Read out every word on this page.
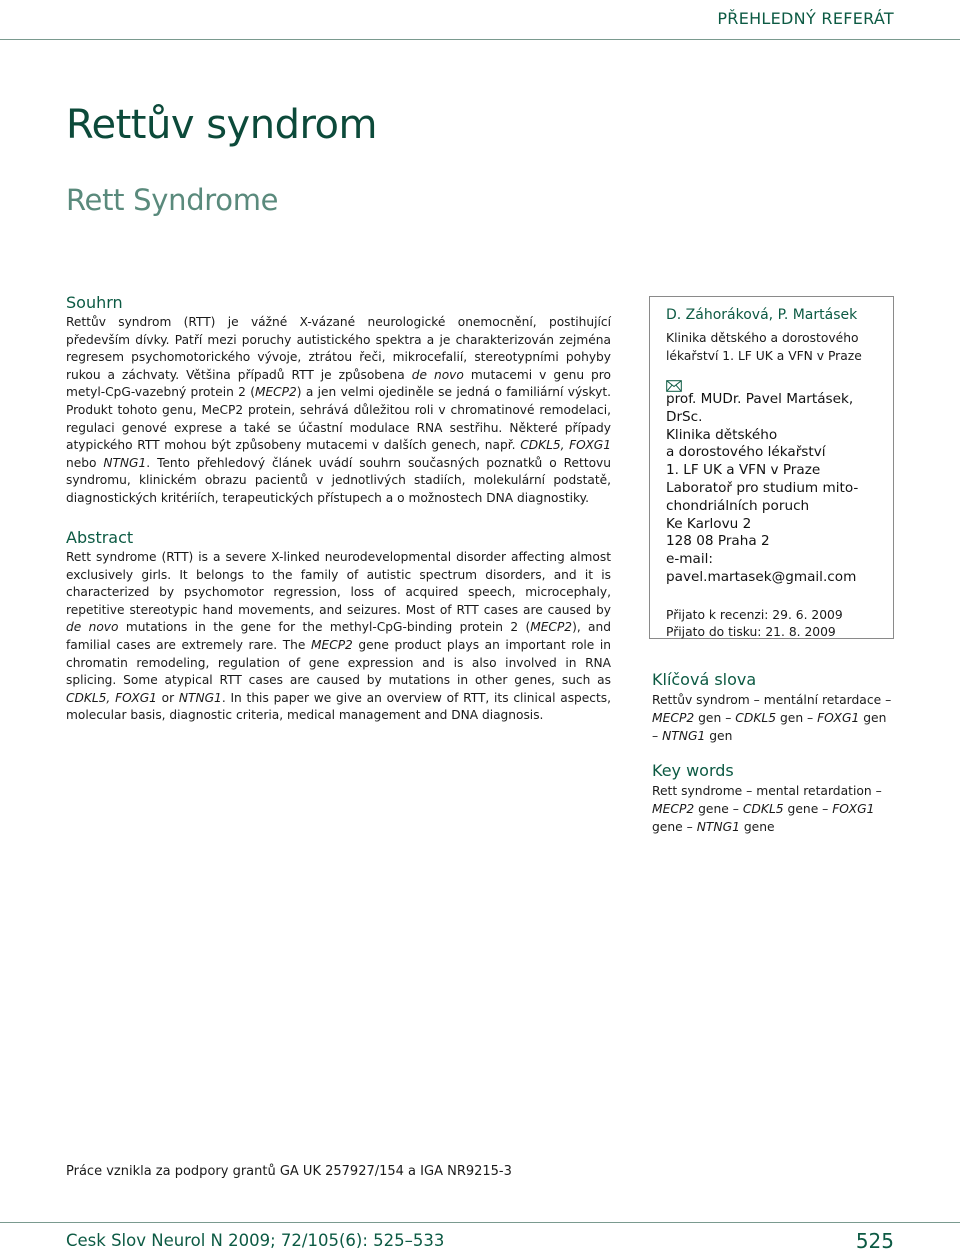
PŘEHLEDNÝ REFERÁT
Rettův syndrom
Rett Syndrome
Souhrn

Rettův syndrom (RTT) je vážné X-vázané neurologické onemocnění, postihující především dívky. Patří mezi poruchy autistického spektra a je charakterizován zejména regresem psychomotorického vývoje, ztrátou řeči, mikrocefalií, stereotypními pohyby rukou a záchvaty. Většina případů RTT je způsobena de novo mutacemi v genu pro metyl-CpG-vazebný protein 2 (MECP2) a jen velmi ojediněle se jedná o familiární výskyt. Produkt tohoto genu, MeCP2 protein, sehrává důležitou roli v chromatinové remodelaci, regulaci genové exprese a také se účastní modulace RNA sestřihu. Některé případy atypického RTT mohou být způsobeny mutacemi v dalších genech, např. CDKL5, FOXG1 nebo NTNG1. Tento přehledový článek uvádí souhrn současných poznatků o Rettovu syndromu, klinickém obrazu pacientů v jednotlivých stadiích, molekulární podstatě, diagnostických kritériích, terapeutických přístupech a o možnostech DNA diagnostiky.

Abstract

Rett syndrome (RTT) is a severe X-linked neurodevelopmental disorder affecting almost exclusively girls. It belongs to the family of autistic spectrum disorders, and it is characterized by psychomotor regression, loss of acquired speech, microcephaly, repetitive stereotypic hand movements, and seizures. Most of RTT cases are caused by de novo mutations in the gene for the methyl-CpG-binding protein 2 (MECP2), and familial cases are extremely rare. The MECP2 gene product plays an important role in chromatin remodeling, regulation of gene expression and is also involved in RNA splicing. Some atypical RTT cases are caused by mutations in other genes, such as CDKL5, FOXG1 or NTNG1. In this paper we give an overview of RTT, its clinical aspects, molecular basis, diagnostic criteria, medical management and DNA diagnosis.

D. Záhoráková, P. Martásek

Klinika dětského a dorostového

lékařství 1. LF UK a VFN v Praze

prof. MUDr. Pavel Martásek, DrSc.

Klinika dětského

a dorostového lékařství

1. LF UK a VFN v Praze

Laboratoř pro studium mito-

chondriálních poruch

Ke Karlovu 2

128 08 Praha 2

e-mail:

pavel.martasek@gmail.com

Přijato k recenzi: 29. 6. 2009

Přijato do tisku: 21. 8. 2009

Klíčová slova

Rettův syndrom – mentální retardace –

MECP2 gen – CDKL5 gen – FOXG1 gen

– NTNG1 gen

Key words

Rett syndrome – mental retardation –

MECP2 gene – CDKL5 gene – FOXG1

gene – NTNG1 gene

Práce vznikla za podpory grantů GA UK 257927/154 a IGA NR9215-3
Cesk Slov Neurol N 2009; 72/105(6): 525–533	525
